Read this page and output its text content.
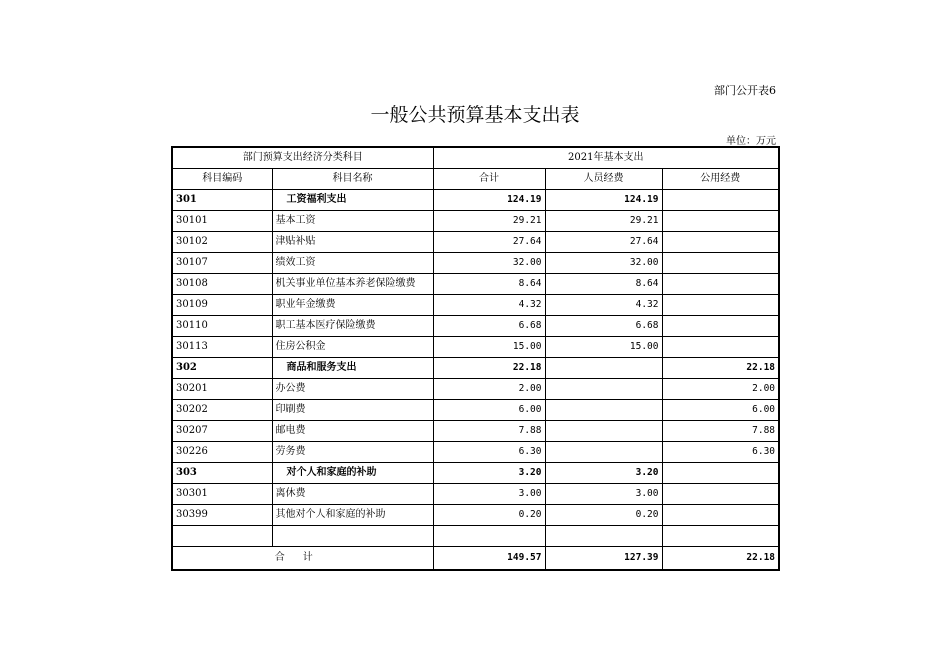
部门公开表6
一般公共预算基本支出表
单位：万元
部门预算支出经济分类科目		2021年基本支出		
科目编码	科目名称	合计	人员经费	公用经费
301	工资福利支出	124.19	124.19	
30101	基本工资	29.21	29.21	
30102	津贴补贴	27.64	27.64	
30107	绩效工资	32.00	32.00	
30108	机关事业单位基本养老保险缴费	8.64	8.64	
30109	职业年金缴费	4.32	4.32	
30110	职工基本医疗保险缴费	6.68	6.68	
30113	住房公积金	15.00	15.00	
302	商品和服务支出	22.18		22.18
30201	办公费	2.00		2.00
30202	印刷费	6.00		6.00
30207	邮电费	7.88		7.88
30226	劳务费	6.30		6.30
303	对个人和家庭的补助	3.20	3.20	
30301	离休费	3.00	3.00	
30399	其他对个人和家庭的补助	0.20	0.20	

合计		149.57	127.39	22.18
